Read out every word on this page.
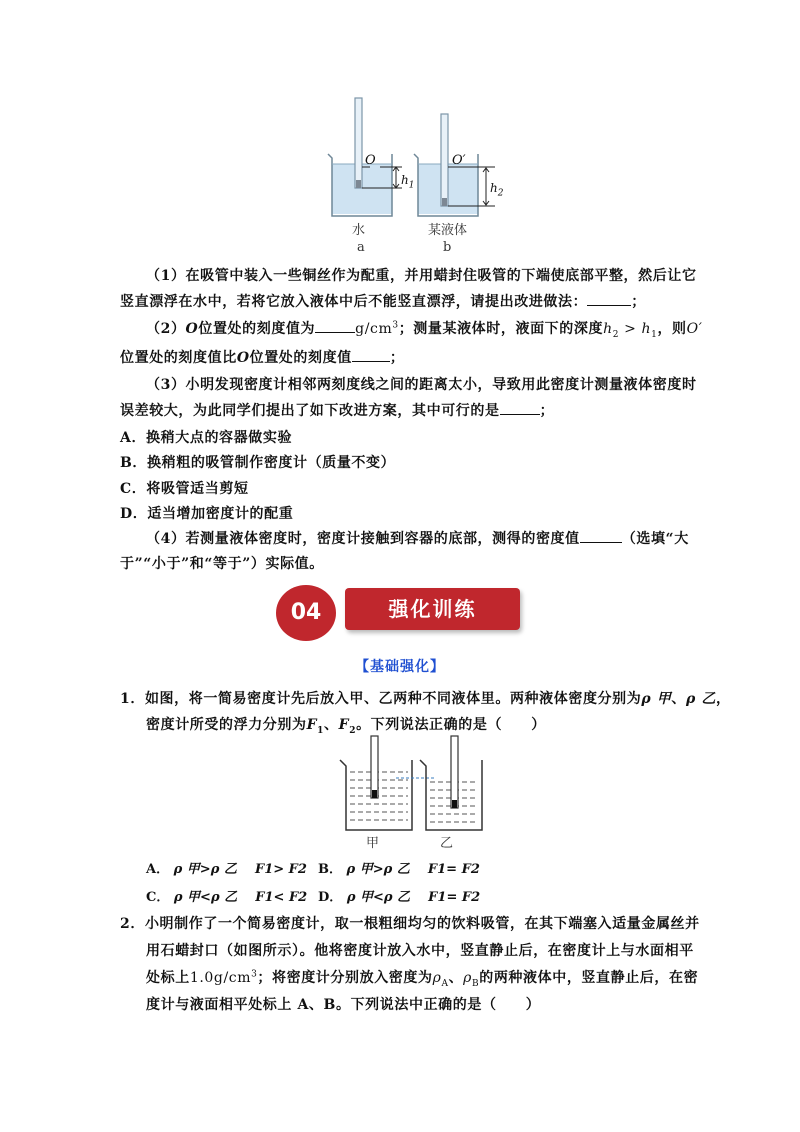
O	O′
$h_1$	$h_2$
水	某液体
a	b
（1）在吸管中装入一些铜丝作为配重，并用蜡封住吸管的下端使底部平整，然后让它
竖直漂浮在水中，若将它放入液体中后不能竖直漂浮，请提出改进做法：	；
（2）O位置处的刻度值为	$g/cm^3$；测量某液体时，液面下的深度$h_2 > h_1$，则O′
位置处的刻度值比O位置处的刻度值	；
（3）小明发现密度计相邻两刻度线之间的距离太小，导致用此密度计测量液体密度时
误差较大，为此同学们提出了如下改进方案，其中可行的是	；
A．换稍大点的容器做实验
B．换稍粗的吸管制作密度计（质量不变）
C．将吸管适当剪短
D．适当增加密度计的配重
（4）若测量液体密度时，密度计接触到容器的底部，测得的密度值	（选填“大
于”“小于”和“等于”）实际值。
04	强化训练
【基础强化】
1．如图，将一简易密度计先后放入甲、乙两种不同液体里。两种液体密度分别为ρ 甲、ρ 乙，
密度计所受的浮力分别为$F_1$、$F_2$。下列说法正确的是（　　）
甲	乙
A． ρ 甲>ρ 乙 F1> F2 B． ρ 甲>ρ 乙 F1= F2
C． ρ 甲<ρ 乙 F1< F2 D． ρ 甲<ρ 乙 F1= F2
2．小明制作了一个简易密度计，取一根粗细均匀的饮料吸管，在其下端塞入适量金属丝并
用石蜡封口（如图所示）。他将密度计放入水中，竖直静止后，在密度计上与水面相平
处标上$1.0g/cm^3$；将密度计分别放入密度为$\rho_A$、$\rho_B$的两种液体中，竖直静止后，在密
度计与液面相平处标上 A、B。下列说法中正确的是（　　）
